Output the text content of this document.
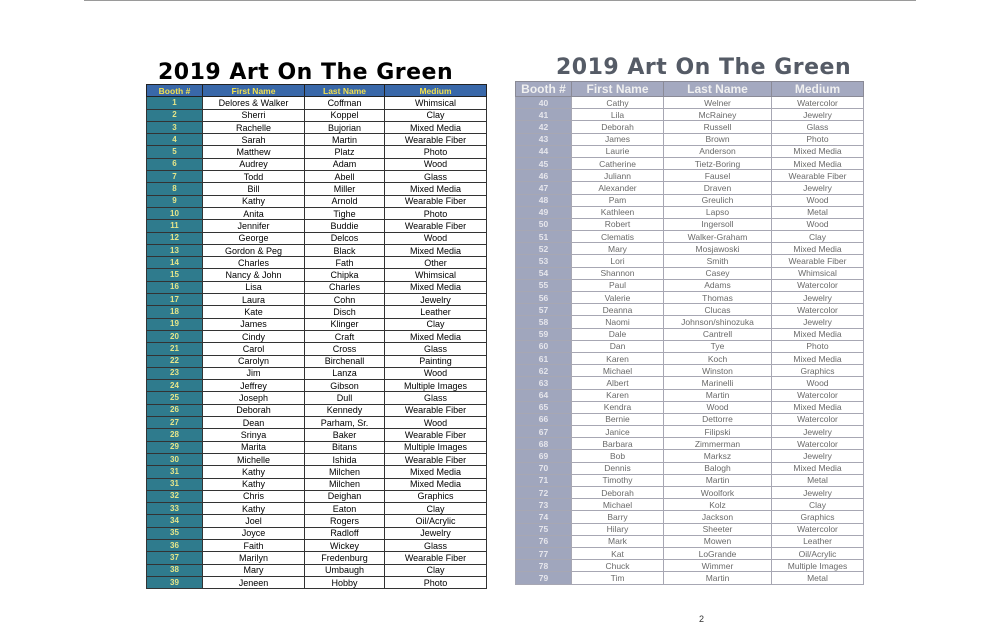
2019 Art On The Green
Booth #	First Name	Last Name	Medium
1	Delores & Walker	Coffman	Whimsical
2	Sherri	Koppel	Clay
3	Rachelle	Bujorian	Mixed Media
4	Sarah	Martin	Wearable Fiber
5	Matthew	Platz	Photo
6	Audrey	Adam	Wood
7	Todd	Abell	Glass
8	Bill	Miller	Mixed Media
9	Kathy	Arnold	Wearable Fiber
10	Anita	Tighe	Photo
11	Jennifer	Buddie	Wearable Fiber
12	George	Delcos	Wood
13	Gordon & Peg	Black	Mixed Media
14	Charles	Fath	Other
15	Nancy & John	Chipka	Whimsical
16	Lisa	Charles	Mixed Media
17	Laura	Cohn	Jewelry
18	Kate	Disch	Leather
19	James	Klinger	Clay
20	Cindy	Craft	Mixed Media
21	Carol	Cross	Glass
22	Carolyn	Birchenall	Painting
23	Jim	Lanza	Wood
24	Jeffrey	Gibson	Multiple Images
25	Joseph	Dull	Glass
26	Deborah	Kennedy	Wearable Fiber
27	Dean	Parham, Sr.	Wood
28	Srinya	Baker	Wearable Fiber
29	Marita	Bitans	Multiple Images
30	Michelle	Ishida	Wearable Fiber
31	Kathy	Milchen	Mixed Media
31	Kathy	Milchen	Mixed Media
32	Chris	Deighan	Graphics
33	Kathy	Eaton	Clay
34	Joel	Rogers	Oil/Acrylic
35	Joyce	Radloff	Jewelry
36	Faith	Wickey	Glass
37	Marilyn	Fredenburg	Wearable Fiber
38	Mary	Umbaugh	Clay
39	Jeneen	Hobby	Photo
2019 Art On The Green
Booth #	First Name	Last Name	Medium
40	Cathy	Welner	Watercolor
41	Lila	McRainey	Jewelry
42	Deborah	Russell	Glass
43	James	Brown	Photo
44	Laurie	Anderson	Mixed Media
45	Catherine	Tietz-Boring	Mixed Media
46	Juliann	Fausel	Wearable Fiber
47	Alexander	Draven	Jewelry
48	Pam	Greulich	Wood
49	Kathleen	Lapso	Metal
50	Robert	Ingersoll	Wood
51	Clematis	Walker-Graham	Clay
52	Mary	Mosjawoski	Mixed Media
53	Lori	Smith	Wearable Fiber
54	Shannon	Casey	Whimsical
55	Paul	Adams	Watercolor
56	Valerie	Thomas	Jewelry
57	Deanna	Clucas	Watercolor
58	Naomi	Johnson/shinozuka	Jewelry
59	Dale	Cantrell	Mixed Media
60	Dan	Tye	Photo
61	Karen	Koch	Mixed Media
62	Michael	Winston	Graphics
63	Albert	Marinelli	Wood
64	Karen	Martin	Watercolor
65	Kendra	Wood	Mixed Media
66	Bernie	Dettorre	Watercolor
67	Janice	Filipski	Jewelry
68	Barbara	Zimmerman	Watercolor
69	Bob	Marksz	Jewelry
70	Dennis	Balogh	Mixed Media
71	Timothy	Martin	Metal
72	Deborah	Woolfork	Jewelry
73	Michael	Kolz	Clay
74	Barry	Jackson	Graphics
75	Hilary	Sheeter	Watercolor
76	Mark	Mowen	Leather
77	Kat	LoGrande	Oil/Acrylic
78	Chuck	Wimmer	Multiple Images
79	Tim	Martin	Metal
2
